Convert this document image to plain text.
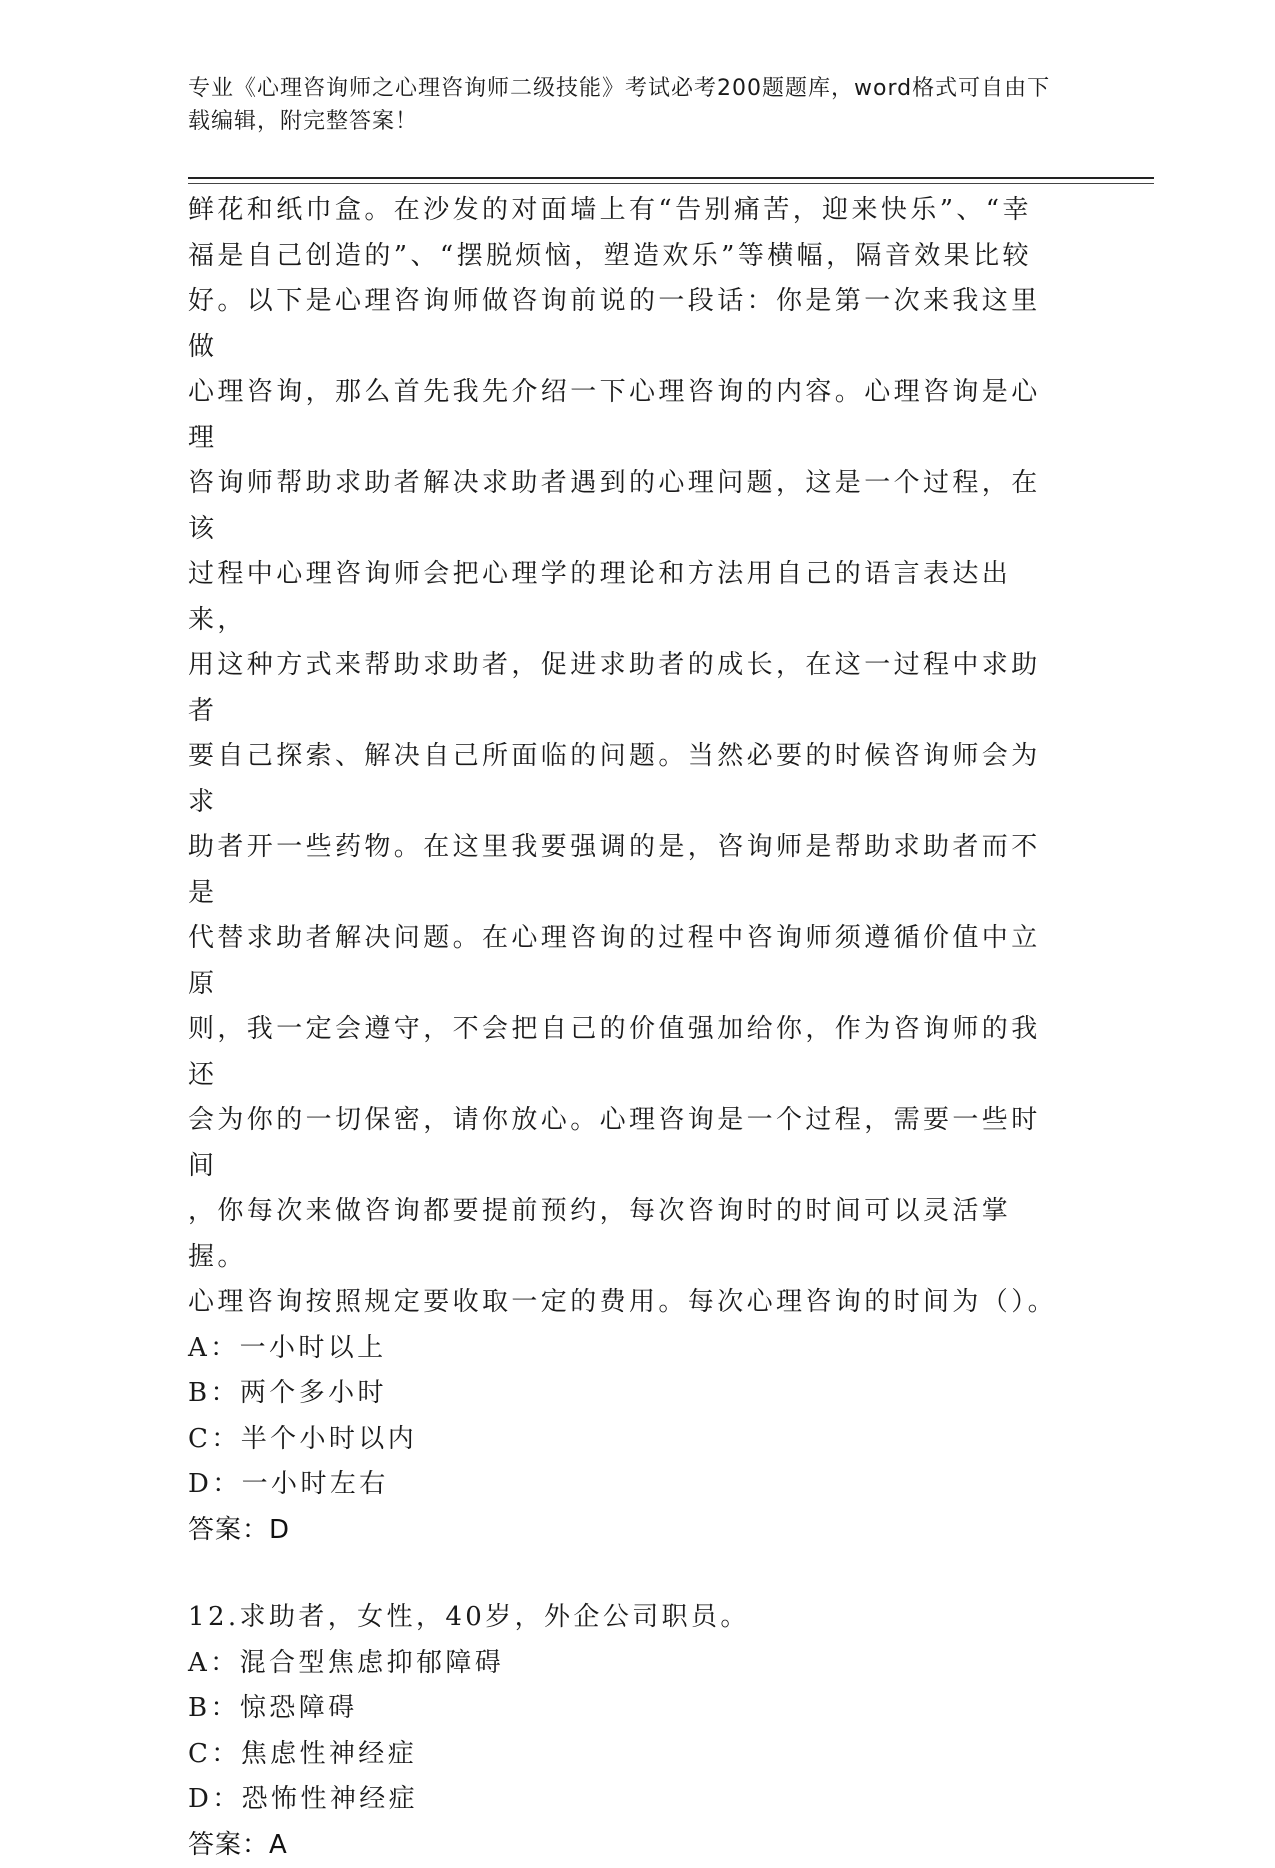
专业《心理咨询师之心理咨询师二级技能》考试必考200题题库，word格式可自由下载编辑，附完整答案！

鲜花和纸巾盒。在沙发的对面墙上有“告别痛苦，迎来快乐”、“幸

福是自己创造的”、“摆脱烦恼，塑造欢乐”等横幅，隔音效果比较

好。以下是心理咨询师做咨询前说的一段话：你是第一次来我这里做

心理咨询，那么首先我先介绍一下心理咨询的内容。心理咨询是心理

咨询师帮助求助者解决求助者遇到的心理问题，这是一个过程，在该

过程中心理咨询师会把心理学的理论和方法用自己的语言表达出来，

用这种方式来帮助求助者，促进求助者的成长，在这一过程中求助者

要自己探索、解决自己所面临的问题。当然必要的时候咨询师会为求

助者开一些药物。在这里我要强调的是，咨询师是帮助求助者而不是

代替求助者解决问题。在心理咨询的过程中咨询师须遵循价值中立原

则，我一定会遵守，不会把自己的价值强加给你，作为咨询师的我还

会为你的一切保密，请你放心。心理咨询是一个过程，需要一些时间

，你每次来做咨询都要提前预约，每次咨询时的时间可以灵活掌握。

心理咨询按照规定要收取一定的费用。每次心理咨询的时间为（）。

A：一小时以上

B：两个多小时

C：半个小时以内

D：一小时左右

答案：D

12.求助者，女性，40岁，外企公司职员。

A：混合型焦虑抑郁障碍

B：惊恐障碍

C：焦虑性神经症

D：恐怖性神经症

答案：A
